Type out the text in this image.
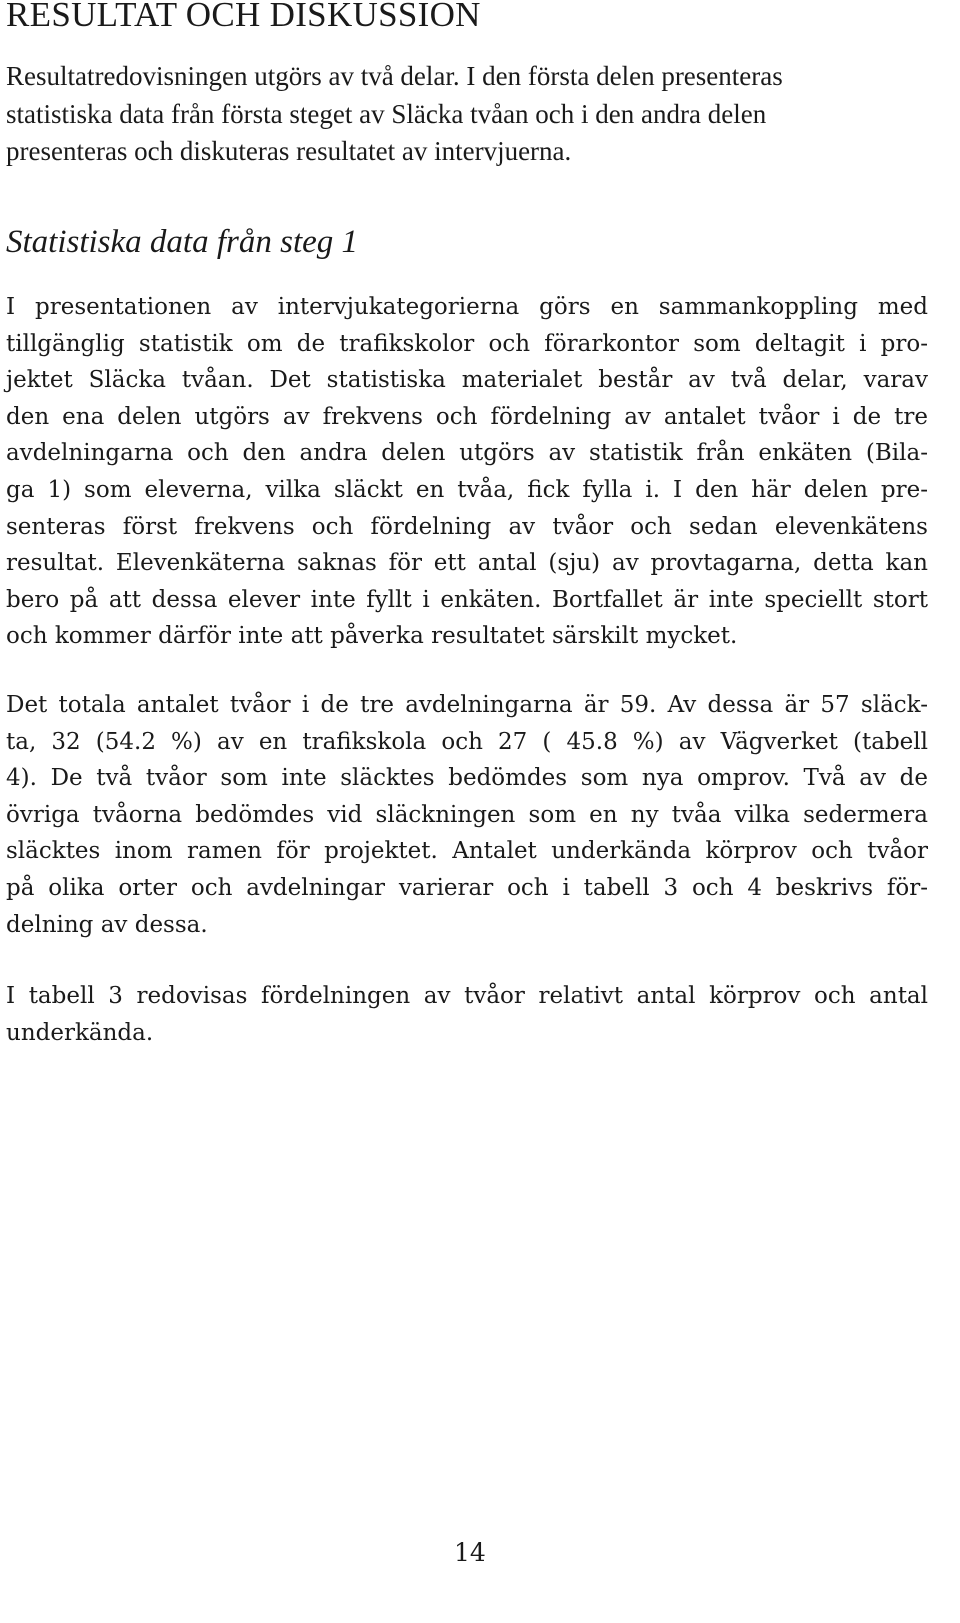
RESULTAT OCH DISKUSSION

Resultatredovisningen utgörs av två delar. I den första delen presenteras
statistiska data från första steget av Släcka tvåan och i den andra delen
presenteras och diskuteras resultatet av intervjuerna.

Statistiska data från steg 1

I presentationen av intervjukategorierna görs en sammankoppling med
tillgänglig statistik om de trafikskolor och förarkontor som deltagit i pro-
jektet Släcka tvåan. Det statistiska materialet består av två delar, varav
den ena delen utgörs av frekvens och fördelning av antalet tvåor i de tre
avdelningarna och den andra delen utgörs av statistik från enkäten (Bila-
ga 1) som eleverna, vilka släckt en tvåa, fick fylla i. I den här delen pre-
senteras först frekvens och fördelning av tvåor och sedan elevenkätens
resultat. Elevenkäterna saknas för ett antal (sju) av provtagarna, detta kan
bero på att dessa elever inte fyllt i enkäten. Bortfallet är inte speciellt stort
och kommer därför inte att påverka resultatet särskilt mycket.

Det totala antalet tvåor i de tre avdelningarna är 59. Av dessa är 57 släck-
ta, 32 (54.2 %) av en trafikskola och 27 ( 45.8 %) av Vägverket (tabell
4). De två tvåor som inte släcktes bedömdes som nya omprov. Två av de
övriga tvåorna bedömdes vid släckningen som en ny tvåa vilka sedermera
släcktes inom ramen för projektet. Antalet underkända körprov och tvåor
på olika orter och avdelningar varierar och i tabell 3 och 4 beskrivs för-
delning av dessa.

I tabell 3 redovisas fördelningen av tvåor relativt antal körprov och antal
underkända.

14
